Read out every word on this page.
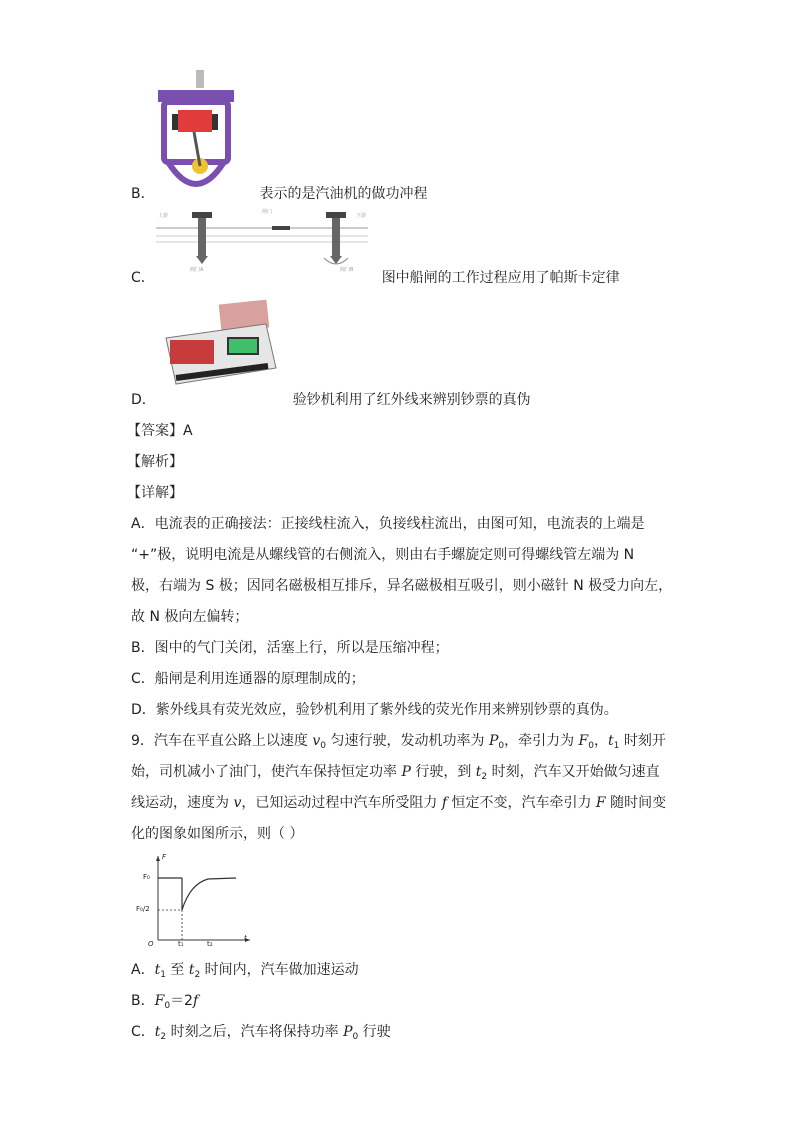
B．	表示的是汽油机的做功冲程
上游
闸门
下游
阀门A	阀门B
C．	图中船闸的工作过程应用了帕斯卡定律
D．	验钞机利用了红外线来辨别钞票的真伪
【答案】A
【解析】
【详解】
A．电流表的正确接法：正接线柱流入，负接线柱流出，由图可知，电流表的上端是
“+”极，说明电流是从螺线管的右侧流入，则由右手螺旋定则可得螺线管左端为 N
极，右端为 S 极；因同名磁极相互排斥，异名磁极相互吸引，则小磁针 N 极受力向左，
故 N 极向左偏转；
B．图中的气门关闭，活塞上行，所以是压缩冲程；
C．船闸是利用连通器的原理制成的；
D．紫外线具有荧光效应，验钞机利用了紫外线的荧光作用来辨别钞票的真伪。
9．汽车在平直公路上以速度 $v_0$ 匀速行驶，发动机功率为 $P_0$，牵引力为 $F_0$，$t_1$ 时刻开
始，司机减小了油门，使汽车保持恒定功率 P 行驶，到 $t_2$ 时刻，汽车又开始做匀速直
线运动，速度为 v，已知运动过程中汽车所受阻力 f 恒定不变，汽车牵引力 F 随时间变
化的图象如图所示，则（ ）
F
t
O
F₀
F₀/2
t₁	t₂
A．$t_1$ 至 $t_2$ 时间内，汽车做加速运动
B．$F_0=2f$
C．$t_2$ 时刻之后，汽车将保持功率 $P_0$ 行驶
